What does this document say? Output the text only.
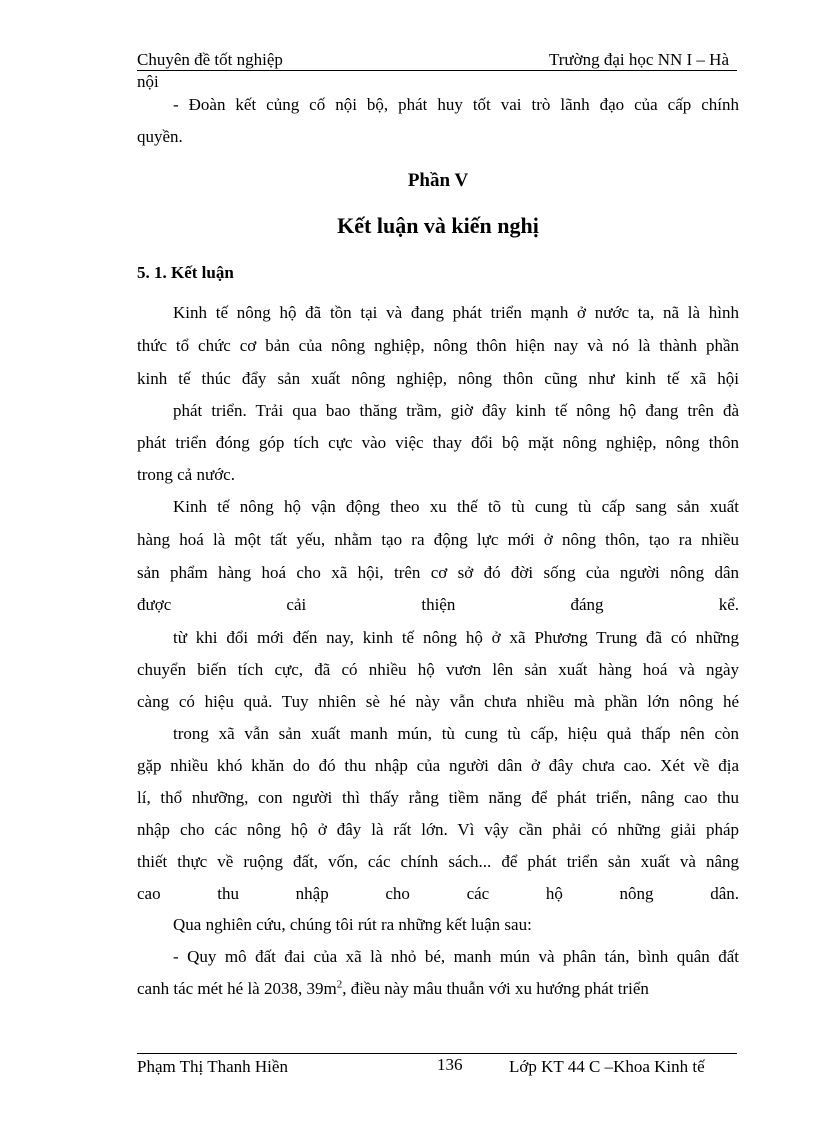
Chuyên đề tốt nghiệp	Trường đại học NN I – Hà
nội
- Đoàn kết củng cố nội bộ, phát huy tốt vai trò lãnh đạo của cấp chính
quyền.
Phần V
Kết luận và kiến nghị
5. 1. Kết luận
Kinh tế nông hộ đã tồn tại và đang phát triển mạnh ở nước ta, nã là hình
thức tổ chức cơ bản của nông nghiệp, nông thôn hiện nay và nó là thành phần
kinh tế thúc đẩy sản xuất nông nghiệp, nông thôn cũng như kinh tế xã hội
phát triển. Trải qua bao thăng trầm, giờ đây kinh tế nông hộ đang trên đà
phát triển đóng góp tích cực vào việc thay đổi bộ mặt nông nghiệp, nông thôn
trong cả nước.
Kinh tế nông hộ vận động theo xu thế tõ tù cung tù cấp sang sản xuất
hàng hoá là một tất yếu, nhằm tạo ra động lực mới ở nông thôn, tạo ra nhiều
sản phẩm hàng hoá cho xã hội, trên cơ sở đó đời sống của người nông dân
được cải thiện đáng kể.
từ khi đổi mới đến nay, kinh tế nông hộ ở xã Phương Trung đã có những
chuyển biến tích cực, đã có nhiều hộ vươn lên sản xuất hàng hoá và ngày
càng có hiệu quả. Tuy nhiên sè hé này vẫn chưa nhiều mà phần lớn nông hé
trong xã vẫn sản xuất manh mún, tù cung tù cấp, hiệu quả thấp nên còn
gặp nhiều khó khăn do đó thu nhập của người dân ở đây chưa cao. Xét về địa
lí, thổ nhưỡng, con người thì thấy rằng tiềm năng để phát triển, nâng cao thu
nhập cho các nông hộ ở đây là rất lớn. Vì vậy cần phải có những giải pháp
thiết thực về ruộng đất, vốn, các chính sách... để phát triển sản xuất và nâng
cao thu nhập cho các hộ nông dân.
Qua nghiên cứu, chúng tôi rút ra những kết luận sau:
- Quy mô đất đai của xã là nhỏ bé, manh mún và phân tán, bình quân đất
canh tác mét hé là 2038, $39m^2$, điều này mâu thuẫn với xu hướng phát triển
Phạm Thị Thanh Hiền	136	Lớp KT 44 C –Khoa Kinh tế
